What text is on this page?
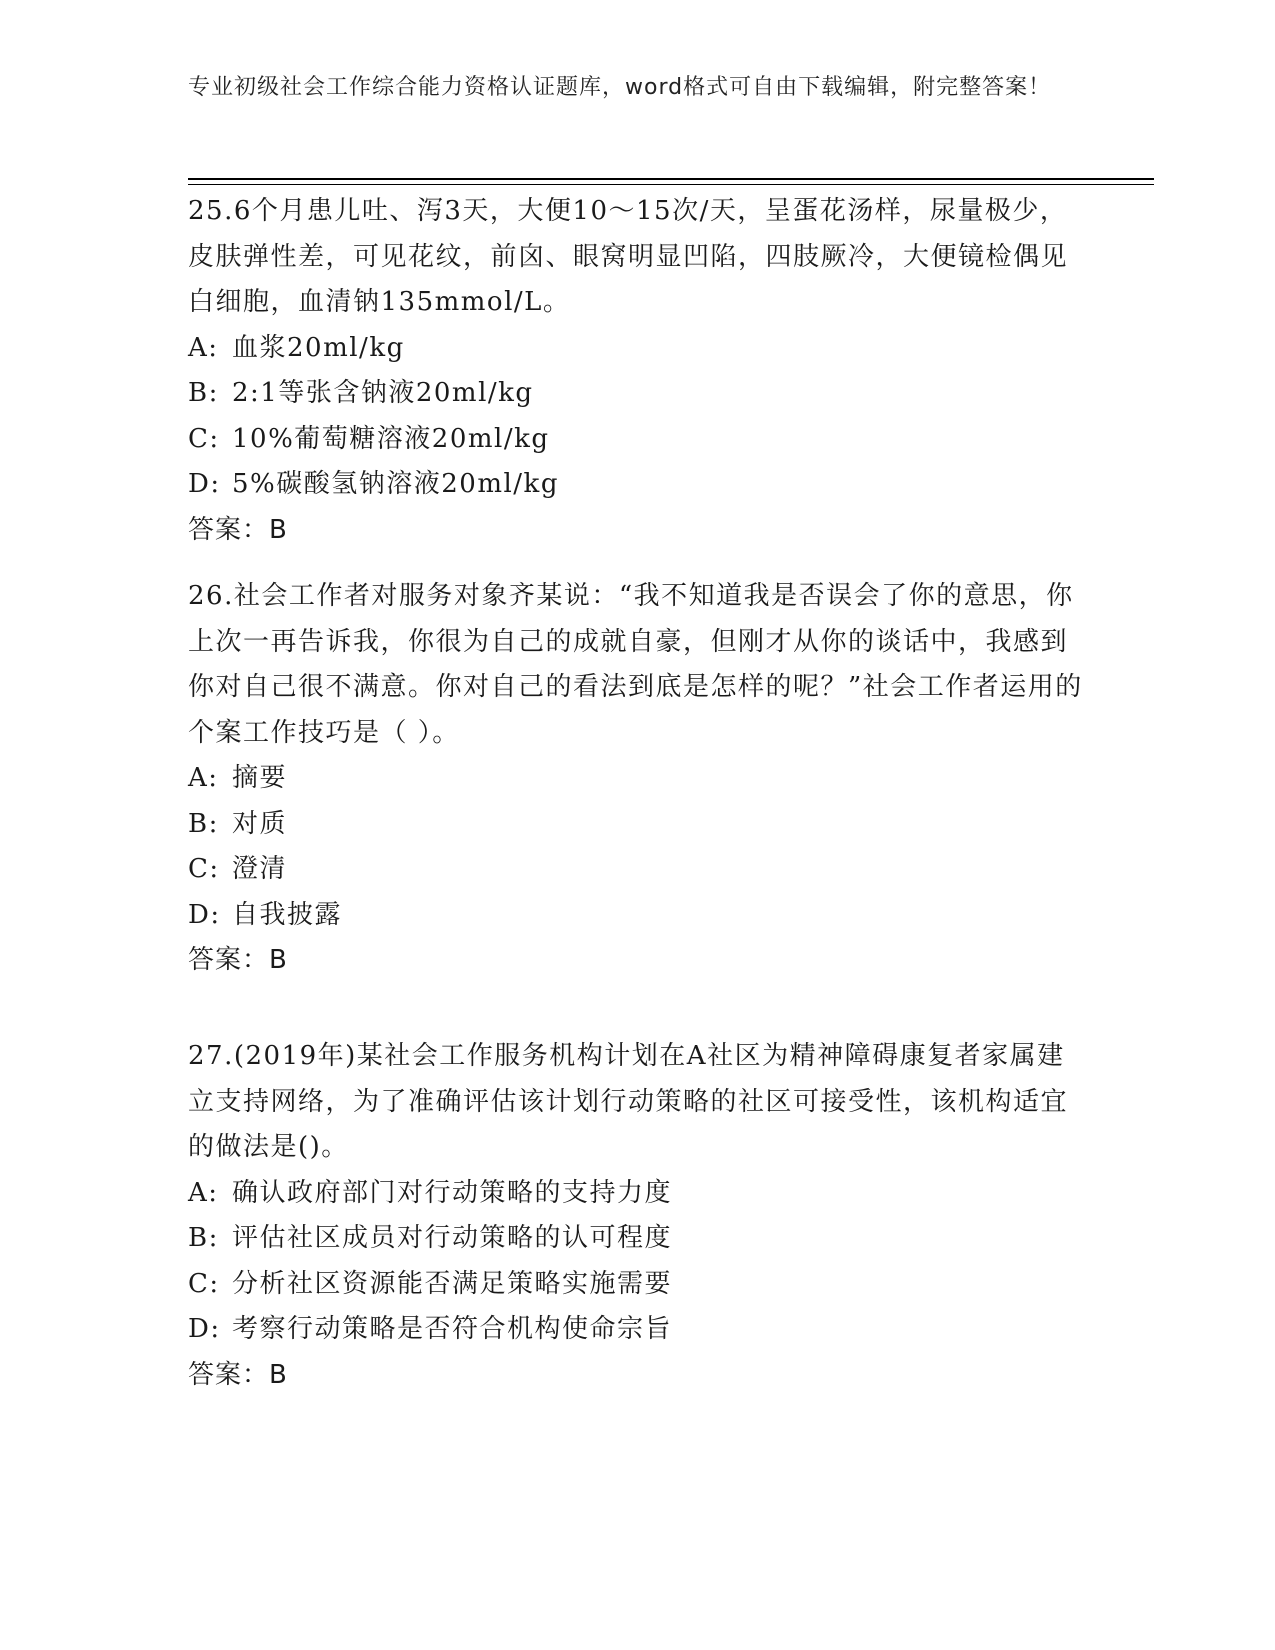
专业初级社会工作综合能力资格认证题库，word格式可自由下载编辑，附完整答案！

25.6个月患儿吐、泻3天，大便10～15次/天，呈蛋花汤样，尿量极少，皮肤弹性差，可见花纹，前囟、眼窝明显凹陷，四肢厥冷，大便镜检偶见白细胞，血清钠135mmol/L。

A: 血浆20ml/kg

B: 2:1等张含钠液20ml/kg

C: 10%葡萄糖溶液20ml/kg

D: 5%碳酸氢钠溶液20ml/kg

答案：B

26.社会工作者对服务对象齐某说：“我不知道我是否误会了你的意思，你上次一再告诉我，你很为自己的成就自豪，但刚才从你的谈话中，我感到你对自己很不满意。你对自己的看法到底是怎样的呢？”社会工作者运用的个案工作技巧是（ ）。

A: 摘要

B: 对质

C: 澄清

D: 自我披露

答案：B

27.(2019年)某社会工作服务机构计划在A社区为精神障碍康复者家属建立支持网络，为了准确评估该计划行动策略的社区可接受性，该机构适宜的做法是()。

A: 确认政府部门对行动策略的支持力度

B: 评估社区成员对行动策略的认可程度

C: 分析社区资源能否满足策略实施需要

D: 考察行动策略是否符合机构使命宗旨

答案：B
